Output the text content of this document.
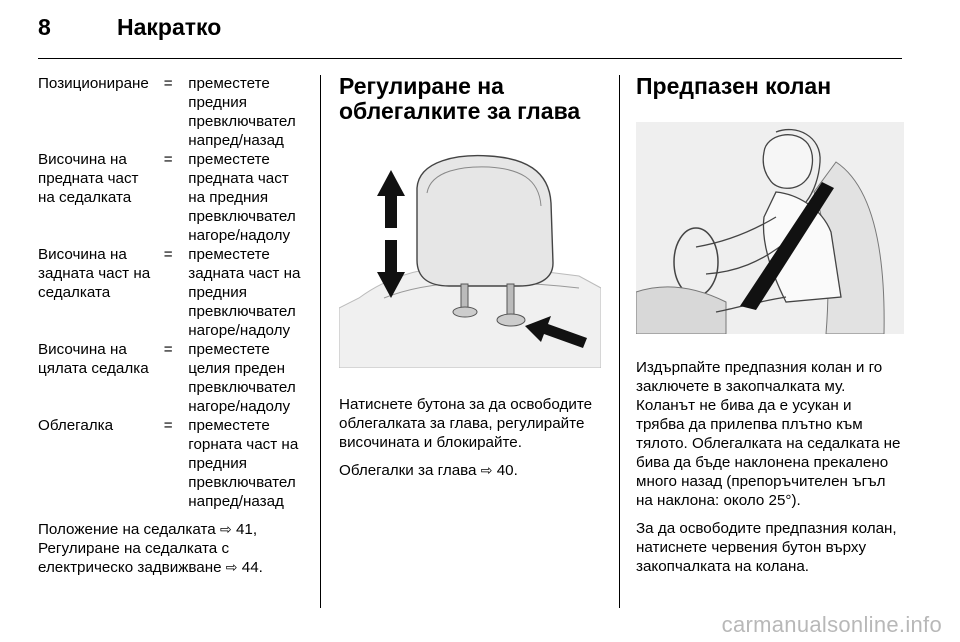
8	Накратко
Позициониране =	преместете предния превключвател напред/назад
Височина на предната част на седалката
=	преместете предната част на предния превключвател нагоре/надолу
Височина на задната част на седалката
=	преместете задната част на предния превключвател нагоре/надолу
Височина на цялата седалка
=	преместете целия преден превключвател нагоре/надолу
Облегалка	=	преместете горната част на предния превключвател напред/назад

Положение на седалката ⇨ 41,
Регулиране на седалката с електрическо задвижване ⇨ 44.

Регулиране на облегалките за глава

Натиснете бутона за да освободите облегалката за глава, регулирайте височината и блокирайте.

Облегалки за глава ⇨ 40.

Предпазен колан

Издърпайте предпазния колан и го заключете в закопчалката му. Коланът не бива да е усукан и трябва да прилепва плътно към тялото. Облегалката на седалката не бива да бъде наклонена прекалено много назад (препоръчителен ъгъл на наклона: около 25°).

За да освободите предпазния колан, натиснете червения бутон върху закопчалката на колана.

carmanualsonline.info
